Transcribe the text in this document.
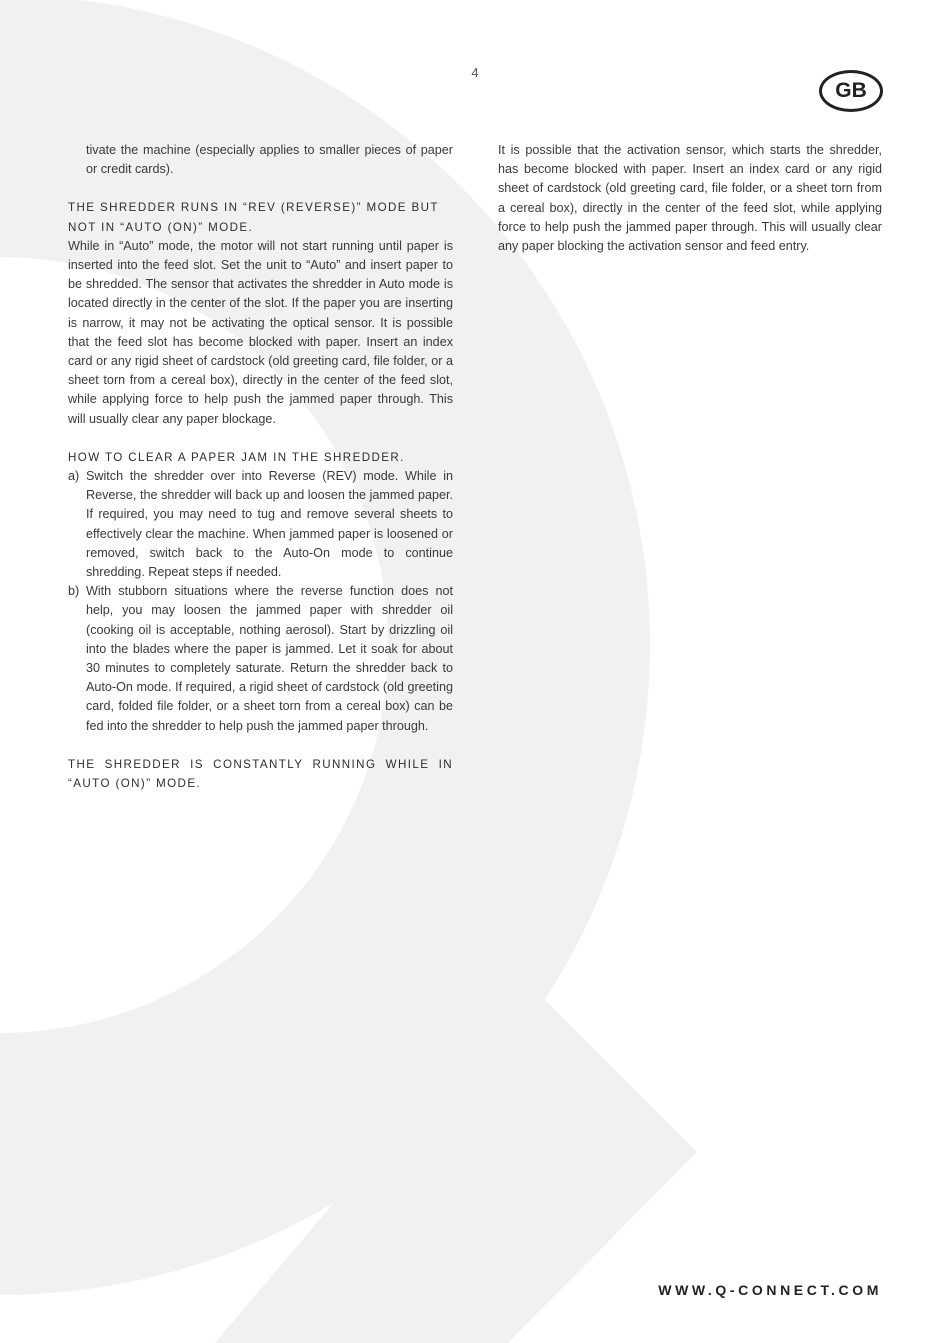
4
GB

tivate the machine (especially applies to smaller pieces of paper or credit cards).

THE SHREDDER RUNS IN “REV (REVERSE)” MODE BUT NOT IN “AUTO (ON)” MODE.

While in “Auto” mode, the motor will not start running until paper is inserted into the feed slot. Set the unit to “Auto” and insert paper to be shredded. The sensor that activates the shredder in Auto mode is located directly in the center of the slot. If the paper you are inserting is narrow, it may not be activating the optical sensor. It is possible that the feed slot has become blocked with paper. Insert an index card or any rigid sheet of cardstock (old greeting card, file folder, or a sheet torn from a cereal box), directly in the center of the feed slot, while applying force to help push the jammed paper through. This will usually clear any paper blockage.

HOW TO CLEAR A PAPER JAM IN THE SHREDDER.

a) Switch the shredder over into Reverse (REV) mode. While in Reverse, the shredder will back up and loosen the jammed paper. If required, you may need to tug and remove several sheets to effectively clear the machine. When jammed paper is loosened or removed, switch back to the Auto-On mode to continue shredding. Repeat steps if needed.
b) With stubborn situations where the reverse function does not help, you may loosen the jammed paper with shredder oil (cooking oil is acceptable, nothing aerosol). Start by drizzling oil into the blades where the paper is jammed. Let it soak for about 30 minutes to completely saturate. Return the shredder back to Auto-On mode. If required, a rigid sheet of cardstock (old greeting card, folded file folder, or a sheet torn from a cereal box) can be fed into the shredder to help push the jammed paper through.

THE SHREDDER IS CONSTANTLY RUNNING WHILE IN “AUTO (ON)” MODE.

It is possible that the activation sensor, which starts the shredder, has become blocked with paper. Insert an index card or any rigid sheet of cardstock (old greeting card, file folder, or a sheet torn from a cereal box), directly in the center of the feed slot, while applying force to help push the jammed paper through. This will usually clear any paper blocking the activation sensor and feed entry.

WWW.Q-CONNECT.COM
